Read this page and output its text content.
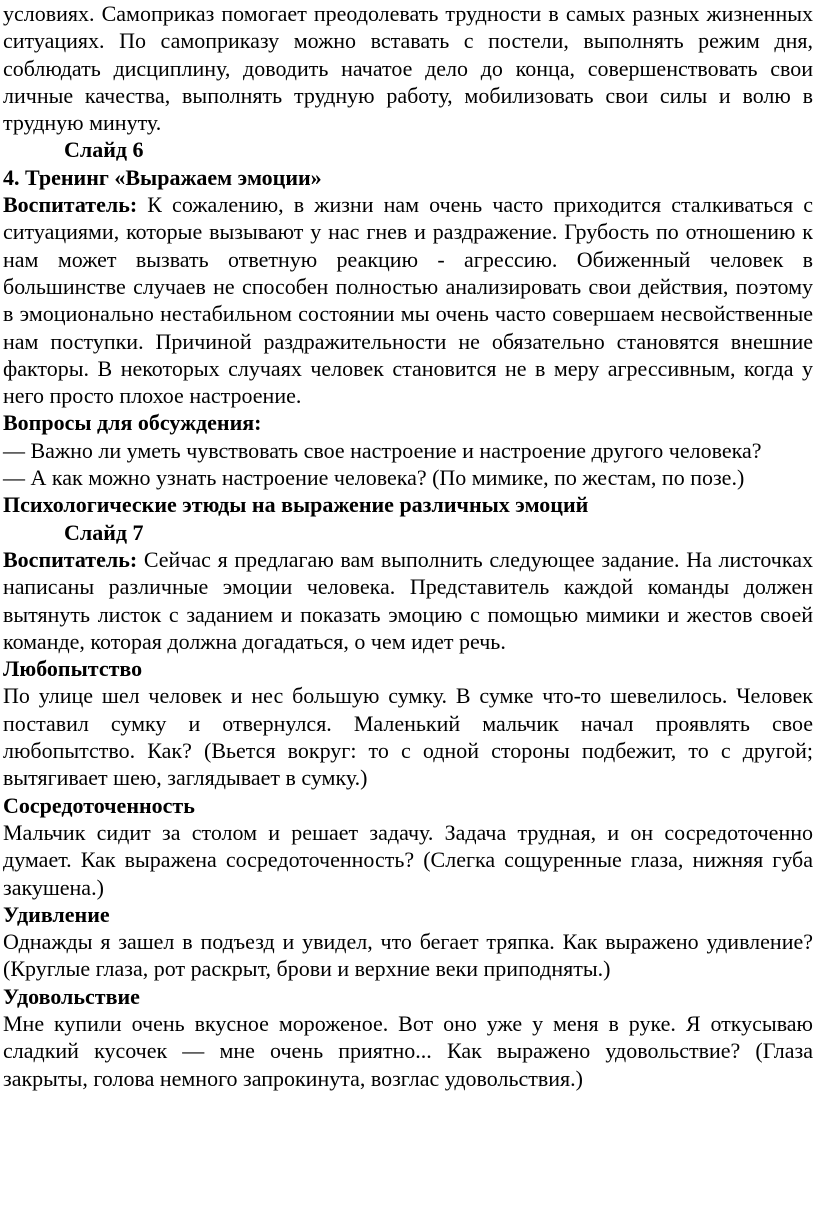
условиях. Самоприказ помогает преодолевать трудности в самых разных жизненных ситуациях. По самоприказу можно вставать с постели, выполнять режим дня, соблюдать дисциплину, доводить начатое дело до конца, совершенствовать свои личные качества, выполнять трудную работу, мобилизовать свои силы и волю в трудную минуту.

Слайд 6

4. Тренинг «Выражаем эмоции»

Воспитатель: К сожалению, в жизни нам очень часто приходится сталкиваться с ситуациями, которые вызывают у нас гнев и раздражение. Грубость по отношению к нам может вызвать ответную реакцию - агрессию. Обиженный человек в большинстве случаев не способен полностью анализировать свои действия, поэтому в эмоционально нестабильном состоянии мы очень часто совершаем несвойственные нам поступки. Причиной раздражительности не обязательно становятся внешние факторы. В некоторых случаях человек становится не в меру агрессивным, когда у него просто плохое настроение.

Вопросы для обсуждения:

— Важно ли уметь чувствовать свое настроение и настроение другого человека?

— А как можно узнать настроение человека? (По мимике, по жестам, по позе.)

Психологические этюды на выражение различных эмоций

Слайд 7

Воспитатель: Сейчас я предлагаю вам выполнить следующее задание. На листочках написаны различные эмоции человека. Представитель каждой команды должен вытянуть листок с заданием и показать эмоцию с помощью мимики и жестов своей команде, которая должна догадаться, о чем идет речь.

Любопытство

По улице шел человек и нес большую сумку. В сумке что-то шевелилось. Человек поставил сумку и отвернулся. Маленький мальчик начал проявлять свое любопытство. Как? (Вьется вокруг: то с одной стороны подбежит, то с другой; вытягивает шею, заглядывает в сумку.)

Сосредоточенность

Мальчик сидит за столом и решает задачу. Задача трудная, и он сосредоточенно думает. Как выражена сосредоточенность? (Слегка сощуренные глаза, нижняя губа закушена.)

Удивление

Однажды я зашел в подъезд и увидел, что бегает тряпка. Как выражено удивление? (Круглые глаза, рот раскрыт, брови и верхние веки приподняты.)

Удовольствие

Мне купили очень вкусное мороженое. Вот оно уже у меня в руке. Я откусываю сладкий кусочек — мне очень приятно... Как выражено удовольствие? (Глаза закрыты, голова немного запрокинута, возглас удовольствия.)
